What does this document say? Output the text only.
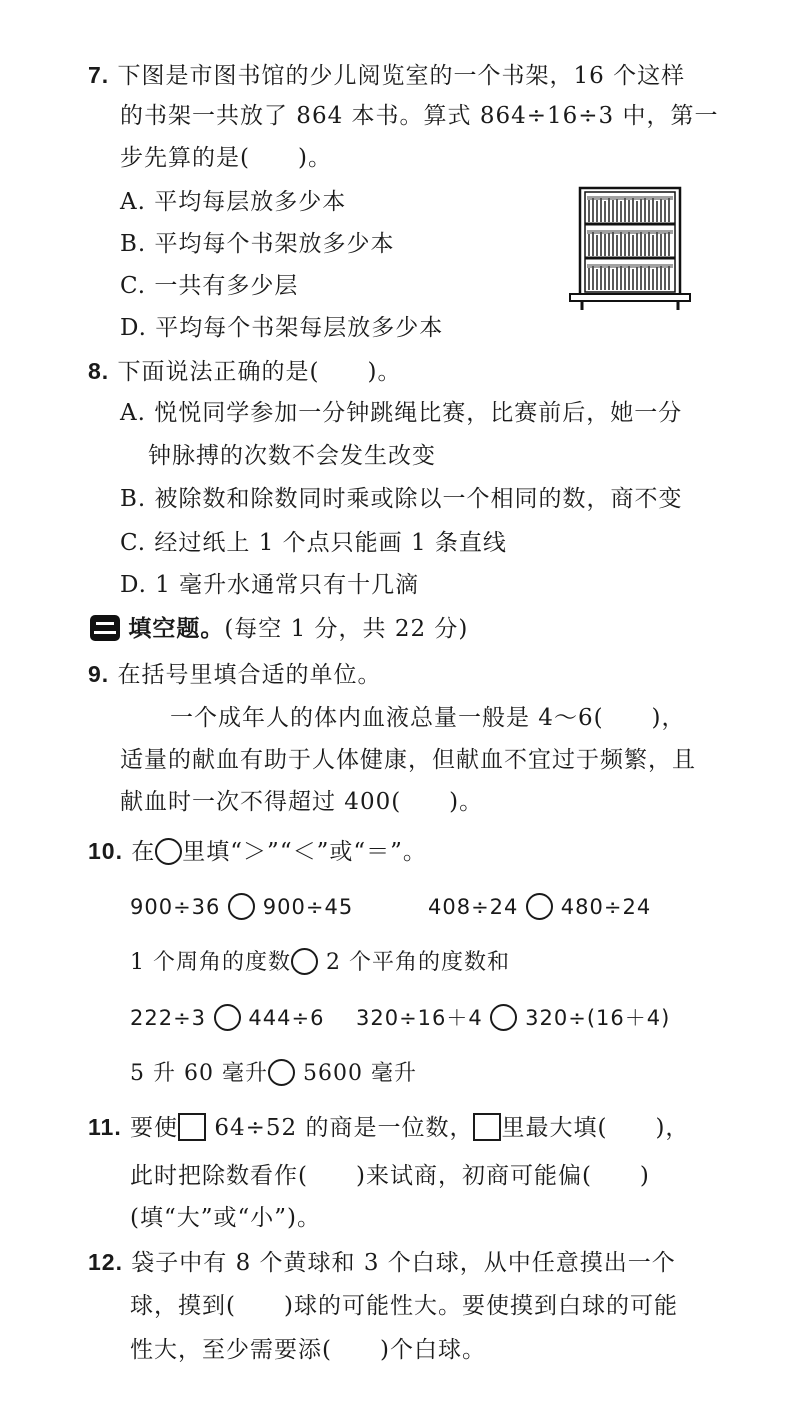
7. 下图是市图书馆的少儿阅览室的一个书架，16 个这样
的书架一共放了 864 本书。算式 864÷16÷3 中，第一
步先算的是(　　)。
A. 平均每层放多少本
B. 平均每个书架放多少本
C. 一共有多少层
D. 平均每个书架每层放多少本
8. 下面说法正确的是(　　)。
A. 悦悦同学参加一分钟跳绳比赛，比赛前后，她一分
钟脉搏的次数不会发生改变
B. 被除数和除数同时乘或除以一个相同的数，商不变
C. 经过纸上 1 个点只能画 1 条直线
D. 1 毫升水通常只有十几滴
填空题。(每空 1 分，共 22 分)
9. 在括号里填合适的单位。
一个成年人的体内血液总量一般是 4～6(　　)，
适量的献血有助于人体健康，但献血不宜过于频繁，且
献血时一次不得超过 400(　　)。
10. 在 里填“＞”“＜”或“＝”。
900÷36 900÷45	408÷24 480÷24
1 个周角的度数 2 个平角的度数和
222÷3 444÷6 320÷16＋4 320÷(16＋4)
5 升 60 毫升 5600 毫升
11. 要使 64÷52 的商是一位数， 里最大填(　　)，
此时把除数看作(　　)来试商，初商可能偏(　　)
(填“大”或“小”)。
12. 袋子中有 8 个黄球和 3 个白球，从中任意摸出一个
球，摸到(　　)球的可能性大。要使摸到白球的可能
性大，至少需要添(　　)个白球。
